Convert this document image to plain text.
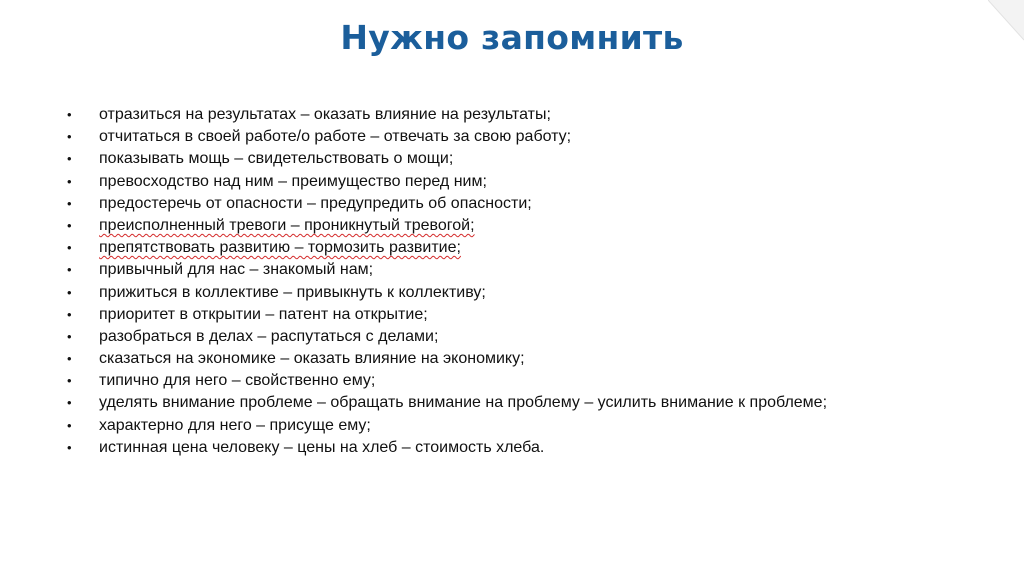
Нужно запомнить
• отразиться на результатах – оказать влияние на результаты;
• отчитаться в своей работе/о работе – отвечать за свою работу;
• показывать мощь – свидетельствовать о мощи;
• превосходство над ним – преимущество перед ним;
• предостеречь от опасности – предупредить об опасности;
• преисполненный тревоги – проникнутый тревогой;
• препятствовать развитию – тормозить развитие;
• привычный для нас – знакомый нам;
• прижиться в коллективе – привыкнуть к коллективу;
• приоритет в открытии – патент на открытие;
• разобраться в делах – распутаться с делами;
• сказаться на экономике – оказать влияние на экономику;
• типично для него – свойственно ему;
• уделять внимание проблеме – обращать внимание на проблему – усилить внимание к проблеме;
• характерно для него – присуще ему;
• истинная цена человеку – цены на хлеб – стоимость хлеба.
